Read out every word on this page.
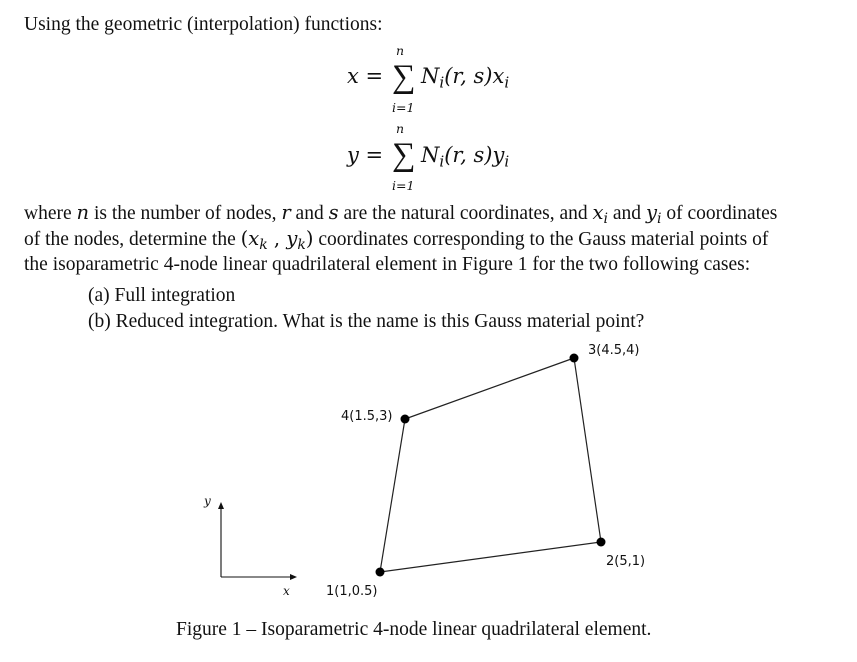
Using the geometric (interpolation) functions:
x =
n
∑
i=1
$N_i(r$, $s)x_i$
y =
n
∑
i=1
$N_i(r$, $s)y_i$
where n is the number of nodes, r and s are the natural coordinates, and $x_i$ and $y_i$ of coordinates
of the nodes, determine the ($x_k$ , $y_k$) coordinates corresponding to the Gauss material points of
the isoparametric 4-node linear quadrilateral element in Figure 1 for the two following cases:
(a) Full integration
(b) Reduced integration. What is the name is this Gauss material point?
3(4.5,4)
4(1.5,3)
2(5,1)
1(1,0.5)
y
x
Figure 1 – Isoparametric 4-node linear quadrilateral element.
